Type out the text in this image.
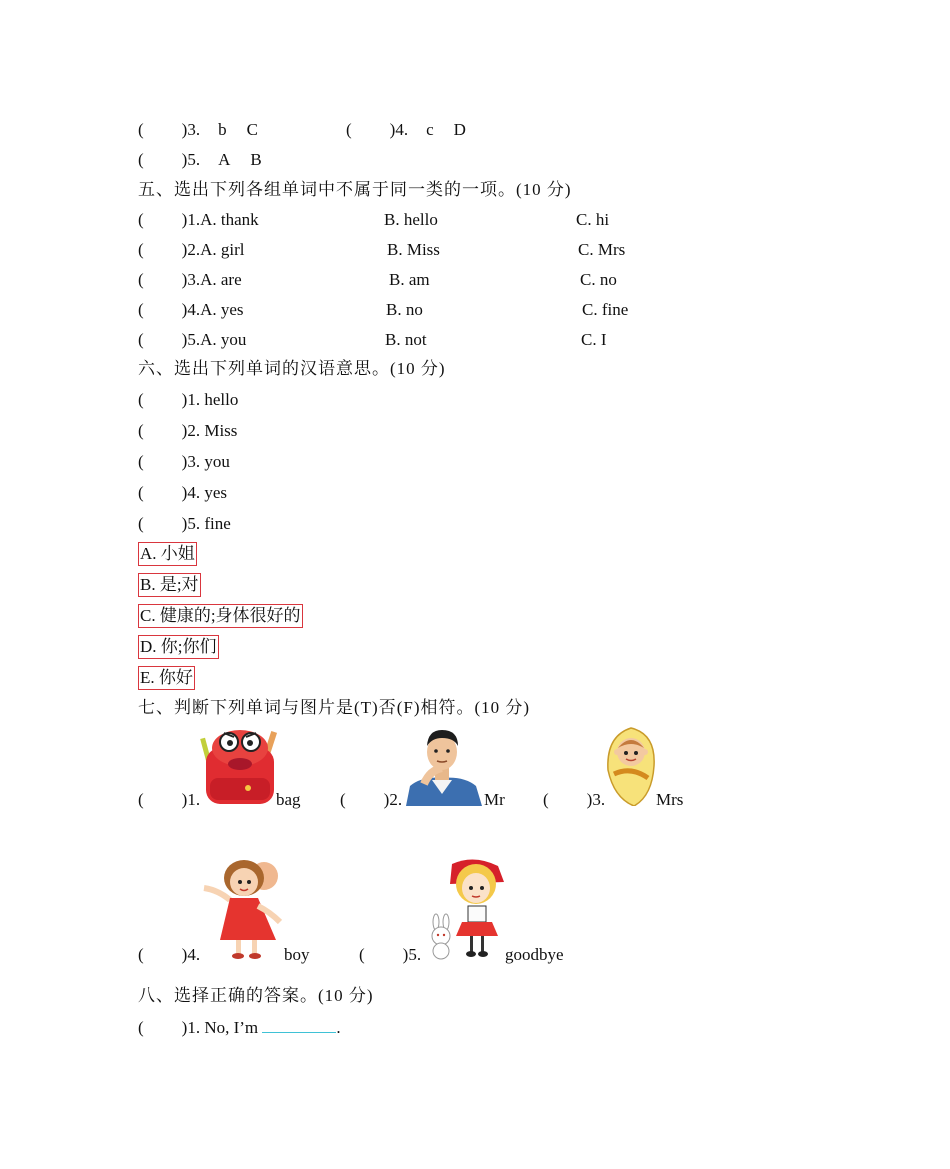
( )3. b C	( )4. c D
( )5. A B
五、选出下列各组单词中不属于同一类的一项。(10 分)
( )1.A. thank	B. hello	C. hi
( )2.A. girl	B. Miss	C. Mrs
( )3.A. are	B. am	C. no
( )4.A. yes	B. no	C. fine
( )5.A. you	B. not	C. I
六、选出下列单词的汉语意思。(10 分)
( )1. hello
( )2. Miss
( )3. you
( )4. yes
( )5. fine
A. 小姐
B. 是;对
C. 健康的;身体很好的
D. 你;你们
E. 你好
七、判断下列单词与图片是(T)否(F)相符。(10 分)
( )1.	bag ( )2.	Mr ( )3.	Mrs
( )4.	boy	( )5.	goodbye
八、选择正确的答案。(10 分)
( )1. No, I’m	.
